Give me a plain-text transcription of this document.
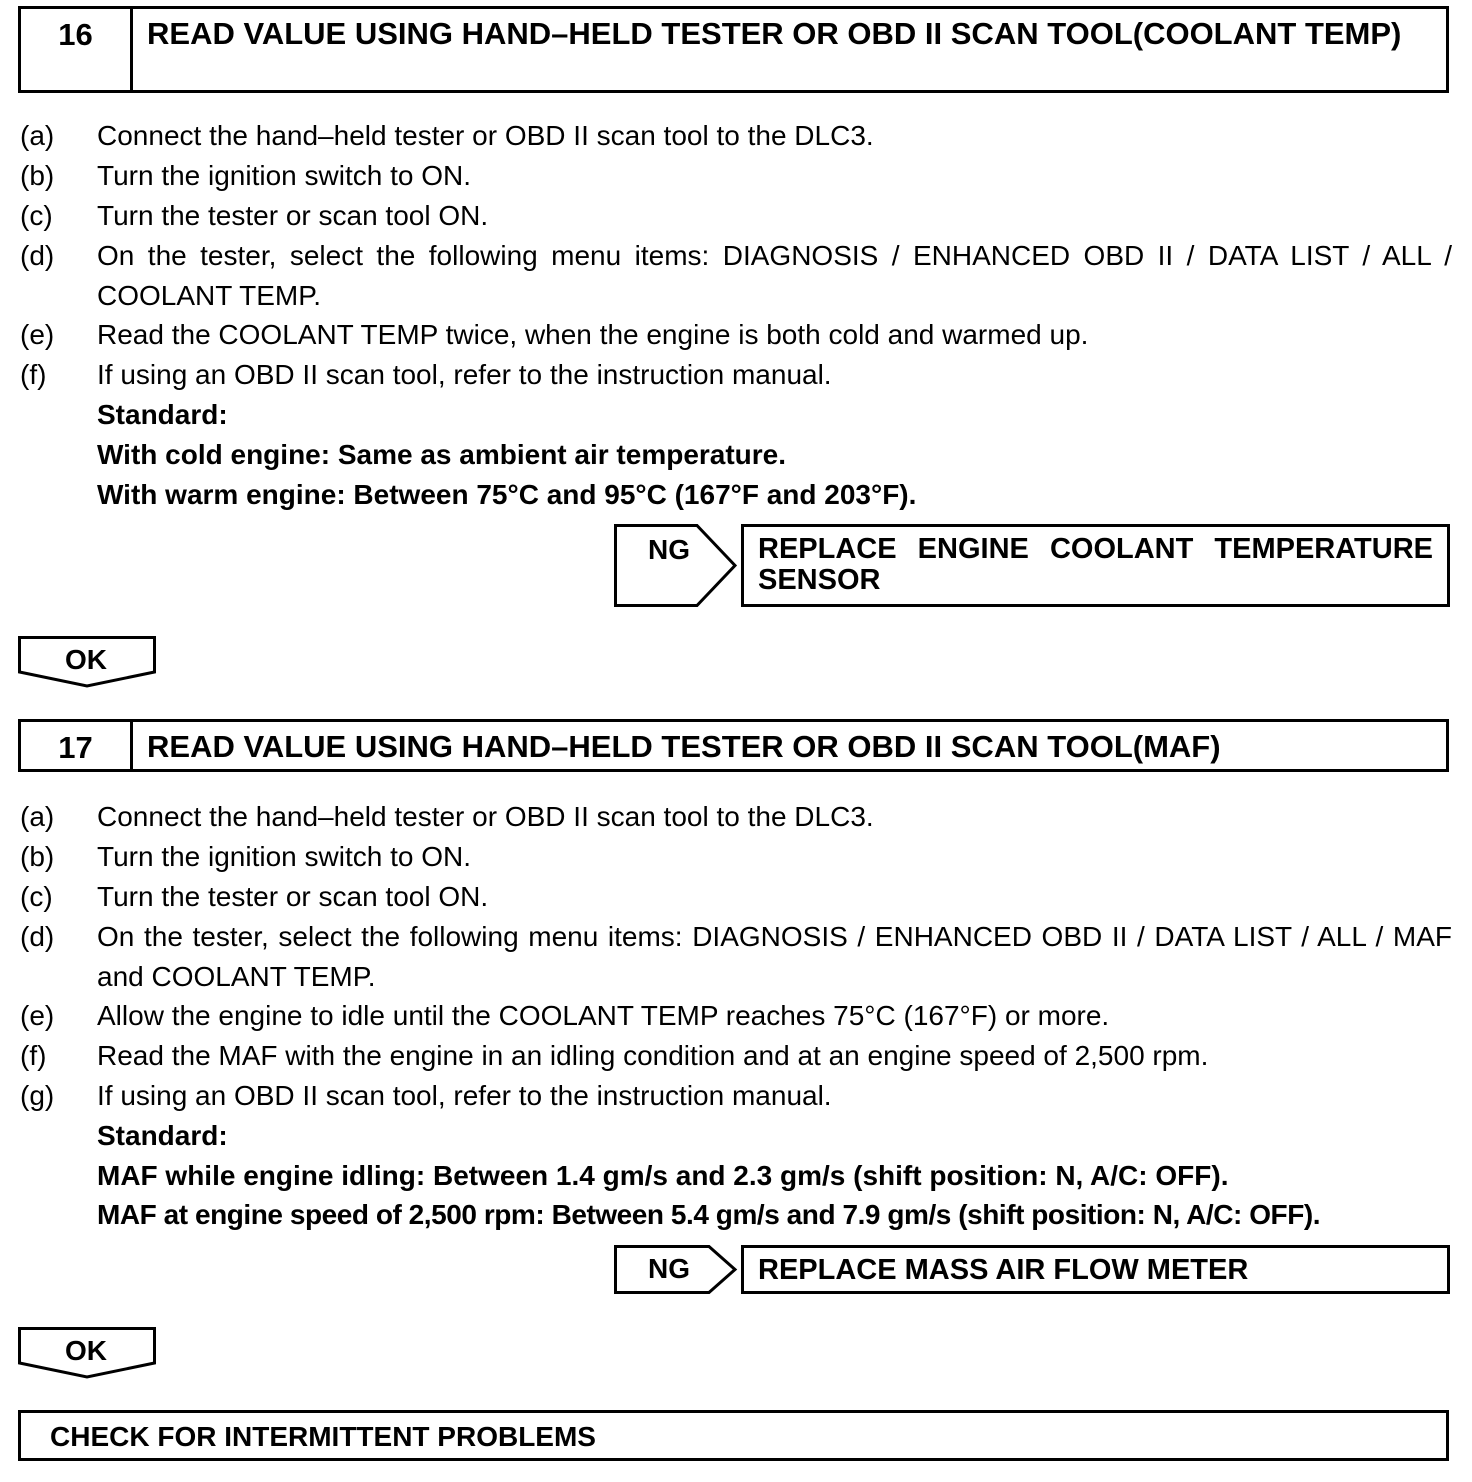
16	READ VALUE USING HAND–HELD TESTER OR OBD II SCAN TOOL(COOLANT TEMP)
(a) Connect the hand–held tester or OBD II scan tool to the DLC3.
(b) Turn the ignition switch to ON.
(c) Turn the tester or scan tool ON.
(d) On the tester, select the following menu items: DIAGNOSIS / ENHANCED OBD II / DATA LIST / ALL / COOLANT TEMP.
(e) Read the COOLANT TEMP twice, when the engine is both cold and warmed up.
(f) If using an OBD II scan tool, refer to the instruction manual.
Standard:
With cold engine: Same as ambient air temperature.
With warm engine: Between 75°C and 95°C (167°F and 203°F).
NG	REPLACE ENGINE COOLANT TEMPERATURE SENSOR
OK
17	READ VALUE USING HAND–HELD TESTER OR OBD II SCAN TOOL(MAF)
(a) Connect the hand–held tester or OBD II scan tool to the DLC3.
(b) Turn the ignition switch to ON.
(c) Turn the tester or scan tool ON.
(d) On the tester, select the following menu items: DIAGNOSIS / ENHANCED OBD II / DATA LIST / ALL / MAF and COOLANT TEMP.
(e) Allow the engine to idle until the COOLANT TEMP reaches 75°C (167°F) or more.
(f) Read the MAF with the engine in an idling condition and at an engine speed of 2,500 rpm.
(g) If using an OBD II scan tool, refer to the instruction manual.
Standard:
MAF while engine idling: Between 1.4 gm/s and 2.3 gm/s (shift position: N, A/C: OFF).
MAF at engine speed of 2,500 rpm: Between 5.4 gm/s and 7.9 gm/s (shift position: N, A/C: OFF).
NG	REPLACE MASS AIR FLOW METER
OK
CHECK FOR INTERMITTENT PROBLEMS
